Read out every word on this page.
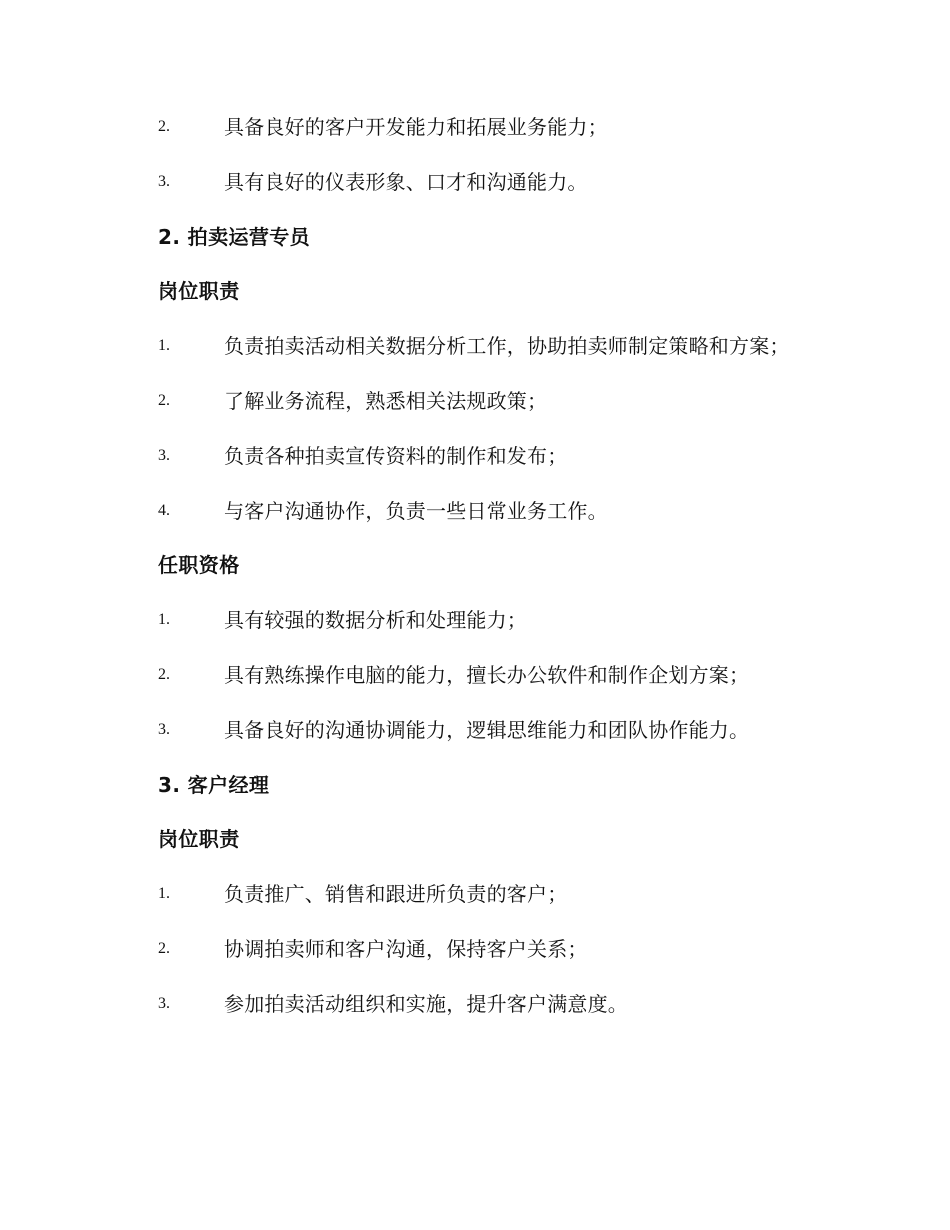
2.	具备良好的客户开发能力和拓展业务能力；
3.	具有良好的仪表形象、口才和沟通能力。
2. 拍卖运营专员
岗位职责
1.	负责拍卖活动相关数据分析工作，协助拍卖师制定策略和方案；
2.	了解业务流程，熟悉相关法规政策；
3.	负责各种拍卖宣传资料的制作和发布；
4.	与客户沟通协作，负责一些日常业务工作。
任职资格
1.	具有较强的数据分析和处理能力；
2.	具有熟练操作电脑的能力，擅长办公软件和制作企划方案；
3.	具备良好的沟通协调能力，逻辑思维能力和团队协作能力。
3. 客户经理
岗位职责
1.	负责推广、销售和跟进所负责的客户；
2.	协调拍卖师和客户沟通，保持客户关系；
3.	参加拍卖活动组织和实施，提升客户满意度。
